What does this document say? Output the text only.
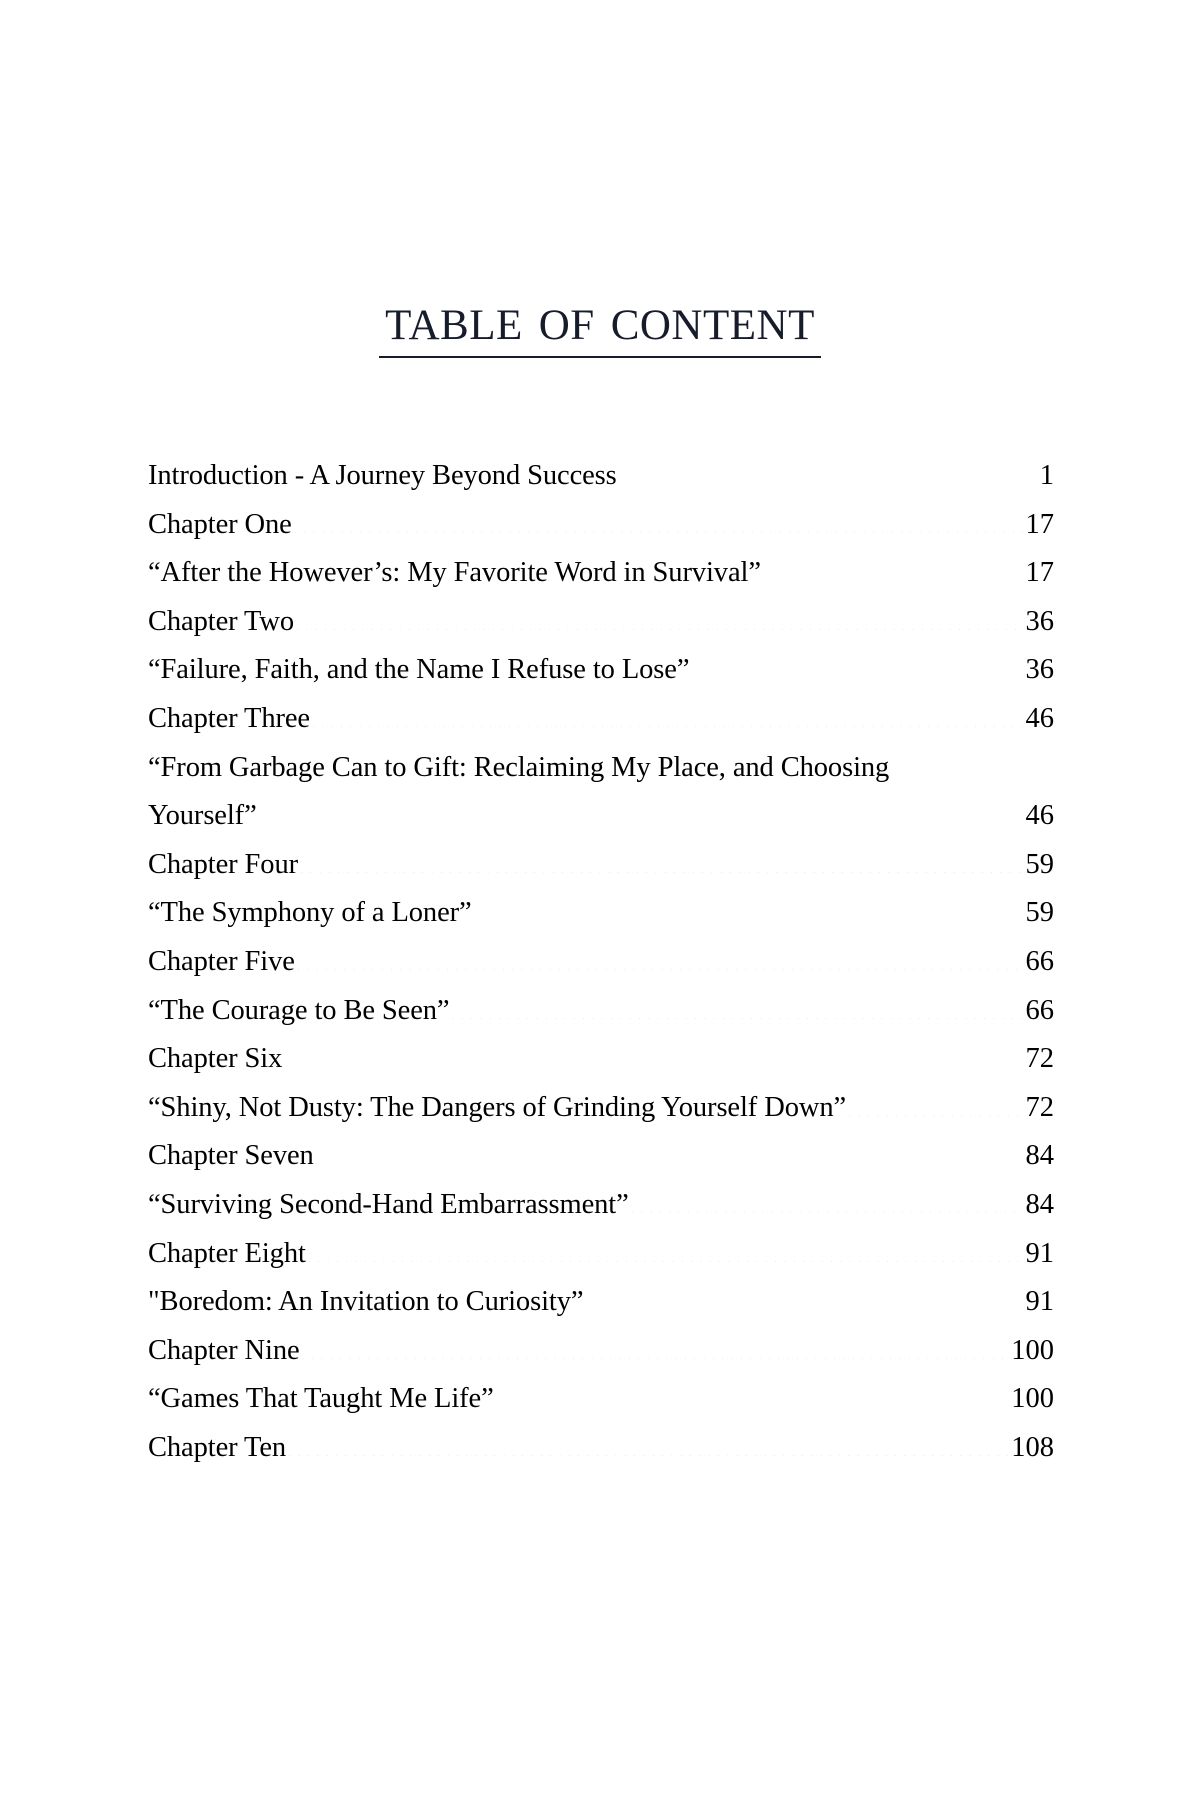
table of content
Introduction - A Journey Beyond Success .....	1
Chapter One .....	17
“After the However’s: My Favorite Word in Survival” .....	17
Chapter Two .....	36
“Failure, Faith, and the Name I Refuse to Lose” .....	36
Chapter Three .....	46
“From Garbage Can to Gift: Reclaiming My Place, and Choosing
Yourself” .....	46
Chapter Four .....	59
“The Symphony of a Loner” .....	59
Chapter Five .....	66
“The Courage to Be Seen” .....	66
Chapter Six .....	72
“Shiny, Not Dusty: The Dangers of Grinding Yourself Down” .....	72
Chapter Seven .....	84
“Surviving Second-Hand Embarrassment” .....	84
Chapter Eight .....	91
"Boredom: An Invitation to Curiosity” .....	91
Chapter Nine .....	100
“Games That Taught Me Life” .....	100
Chapter Ten .....	108
